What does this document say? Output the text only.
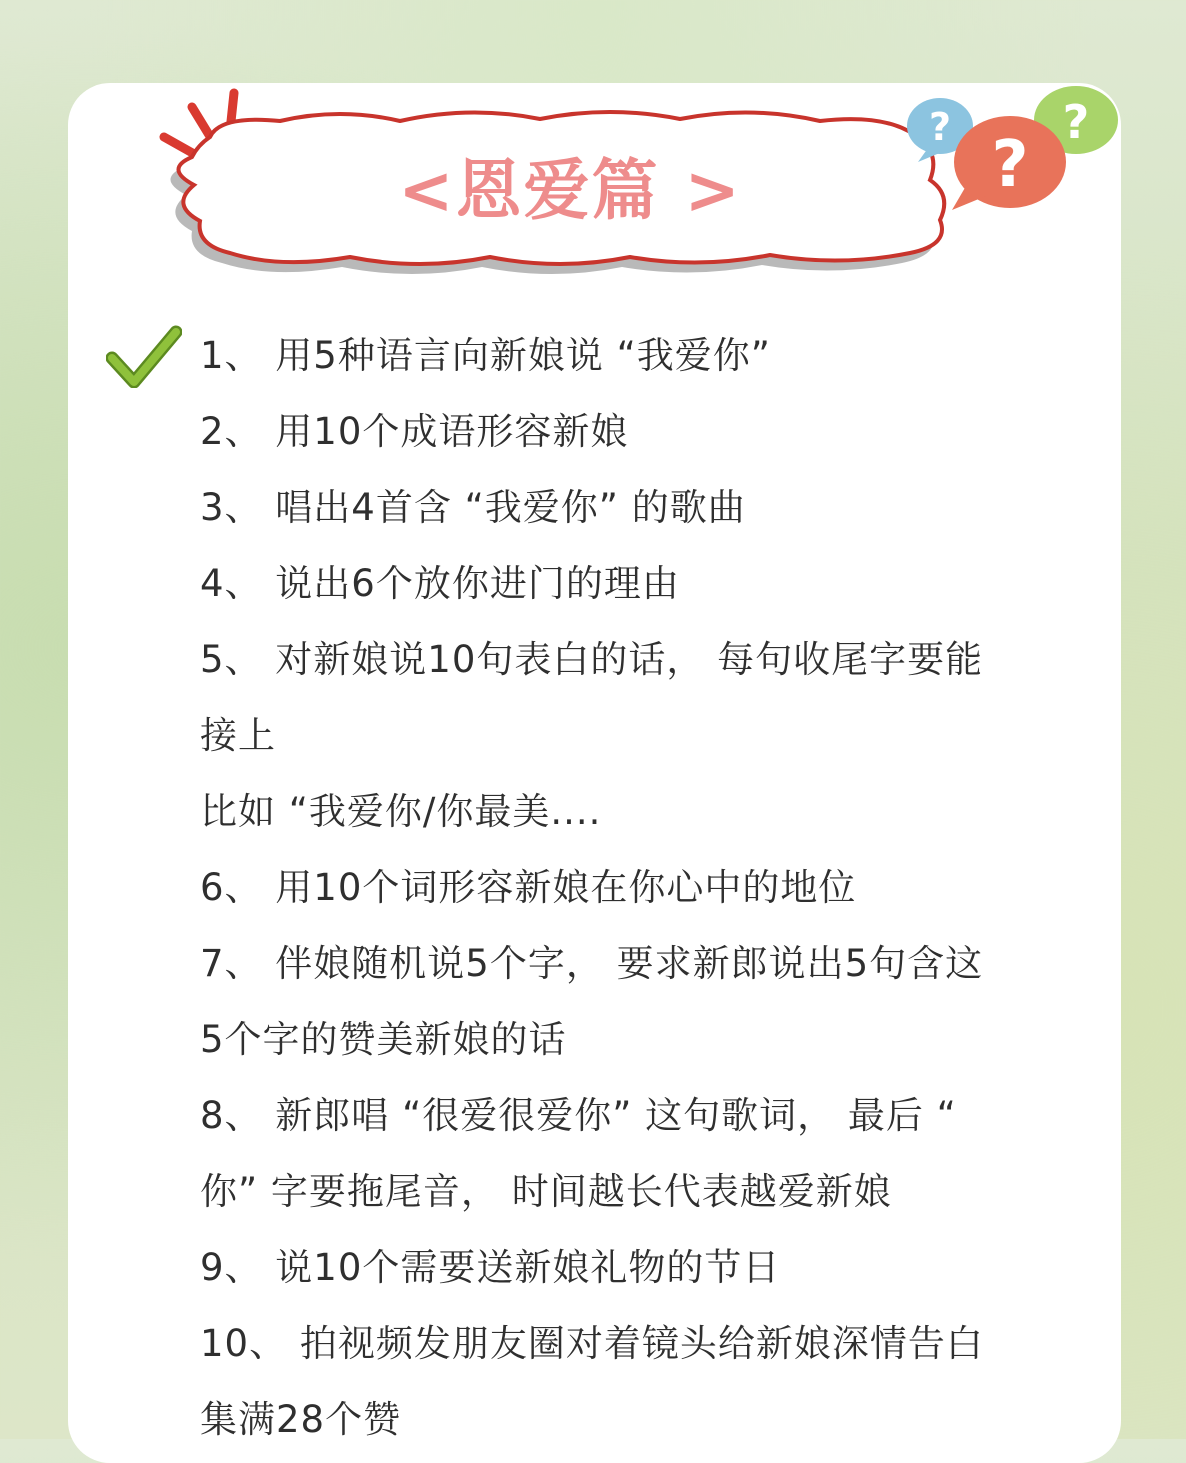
<恩爱篇 >
? ?
?
1、 用5种语言向新娘说 “我爱你”
2、 用10个成语形容新娘
3、 唱出4首含 “我爱你” 的歌曲
4、 说出6个放你进门的理由
5、 对新娘说10句表白的话， 每句收尾字要能
接上
比如 “我爱你/你最美....
6、 用10个词形容新娘在你心中的地位
7、 伴娘随机说5个字， 要求新郎说出5句含这
5个字的赞美新娘的话
8、 新郎唱 “很爱很爱你” 这句歌词， 最后 “
你” 字要拖尾音， 时间越长代表越爱新娘
9、 说10个需要送新娘礼物的节日
10、 拍视频发朋友圈对着镜头给新娘深情告白
集满28个赞
